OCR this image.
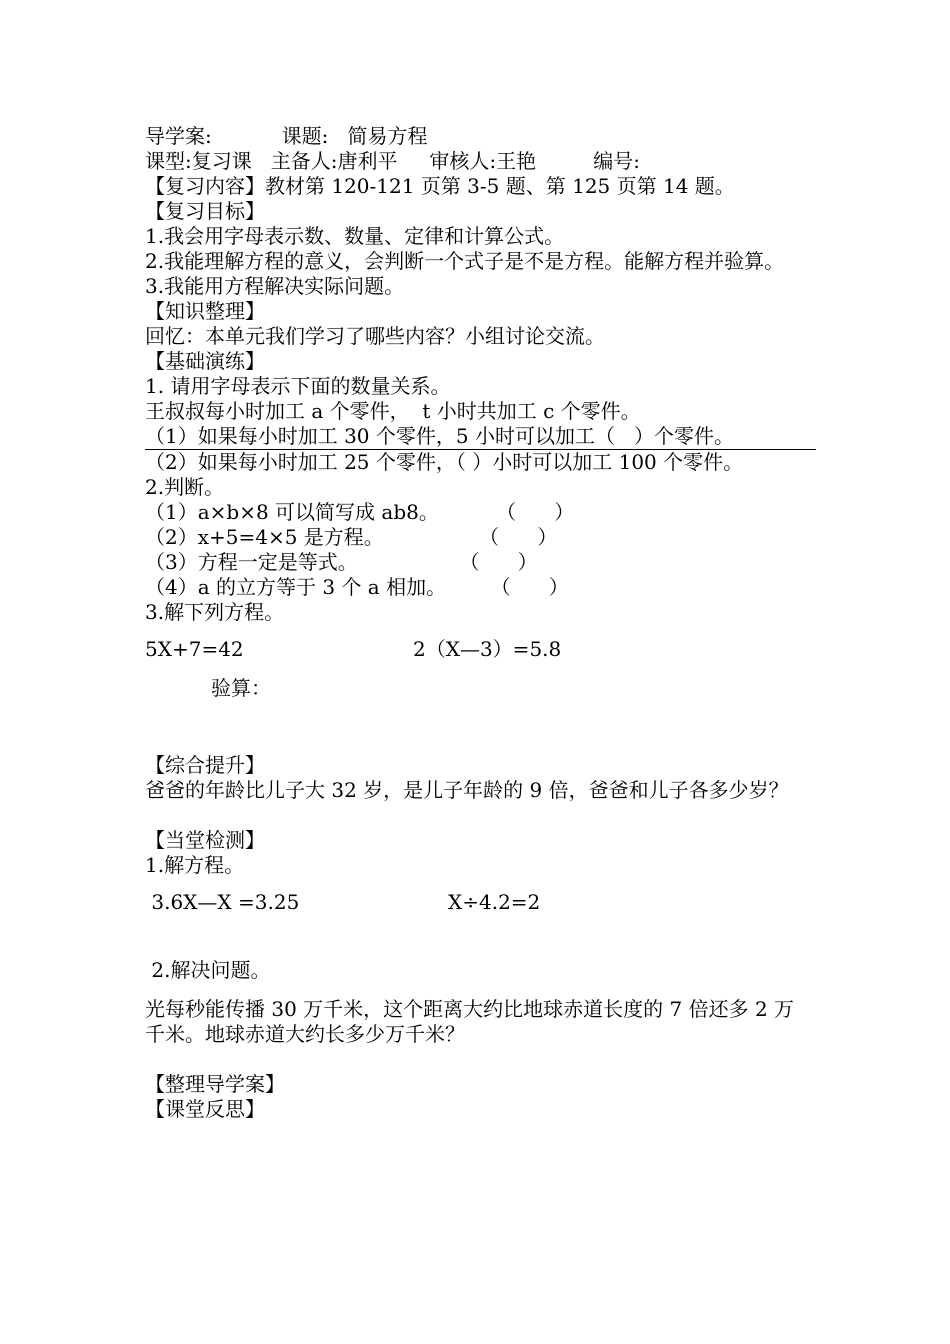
导学案:           课题:   简易方程
课型:复习课   主备人:唐利平     审核人:王艳         编号:
【复习内容】教材第 120-121 页第 3-5 题、第 125 页第 14 题。
【复习目标】
1.我会用字母表示数、数量、定律和计算公式。
2.我能理解方程的意义，会判断一个式子是不是方程。能解方程并验算。
3.我能用方程解决实际问题。
【知识整理】
回忆：本单元我们学习了哪些内容？小组讨论交流。
【基础演练】
1. 请用字母表示下面的数量关系。
王叔叔每小时加工 a 个零件，  t 小时共加工 c 个零件。
（1）如果每小时加工 30 个零件，5 小时可以加工（   ）个零件。
（2）如果每小时加工 25 个零件，（ ）小时可以加工 100 个零件。
2.判断。
（1）a×b×8 可以简写成 ab8。         （      ）
（2）x+5=4×5 是方程。               （      ）
（3）方程一定是等式。                （      ）
（4）a 的立方等于 3 个 a 相加。       （      ）
3.解下列方程。
5X+7=42	2（X—3）=5.8
验算：
【综合提升】
爸爸的年龄比儿子大 32 岁，是儿子年龄的 9 倍，爸爸和儿子各多少岁？
【当堂检测】
1.解方程。
3.6X—X =3.25	X÷4.2=2
2.解决问题。
光每秒能传播 30 万千米，这个距离大约比地球赤道长度的 7 倍还多 2 万千米。地球赤道大约长多少万千米？
【整理导学案】
【课堂反思】
